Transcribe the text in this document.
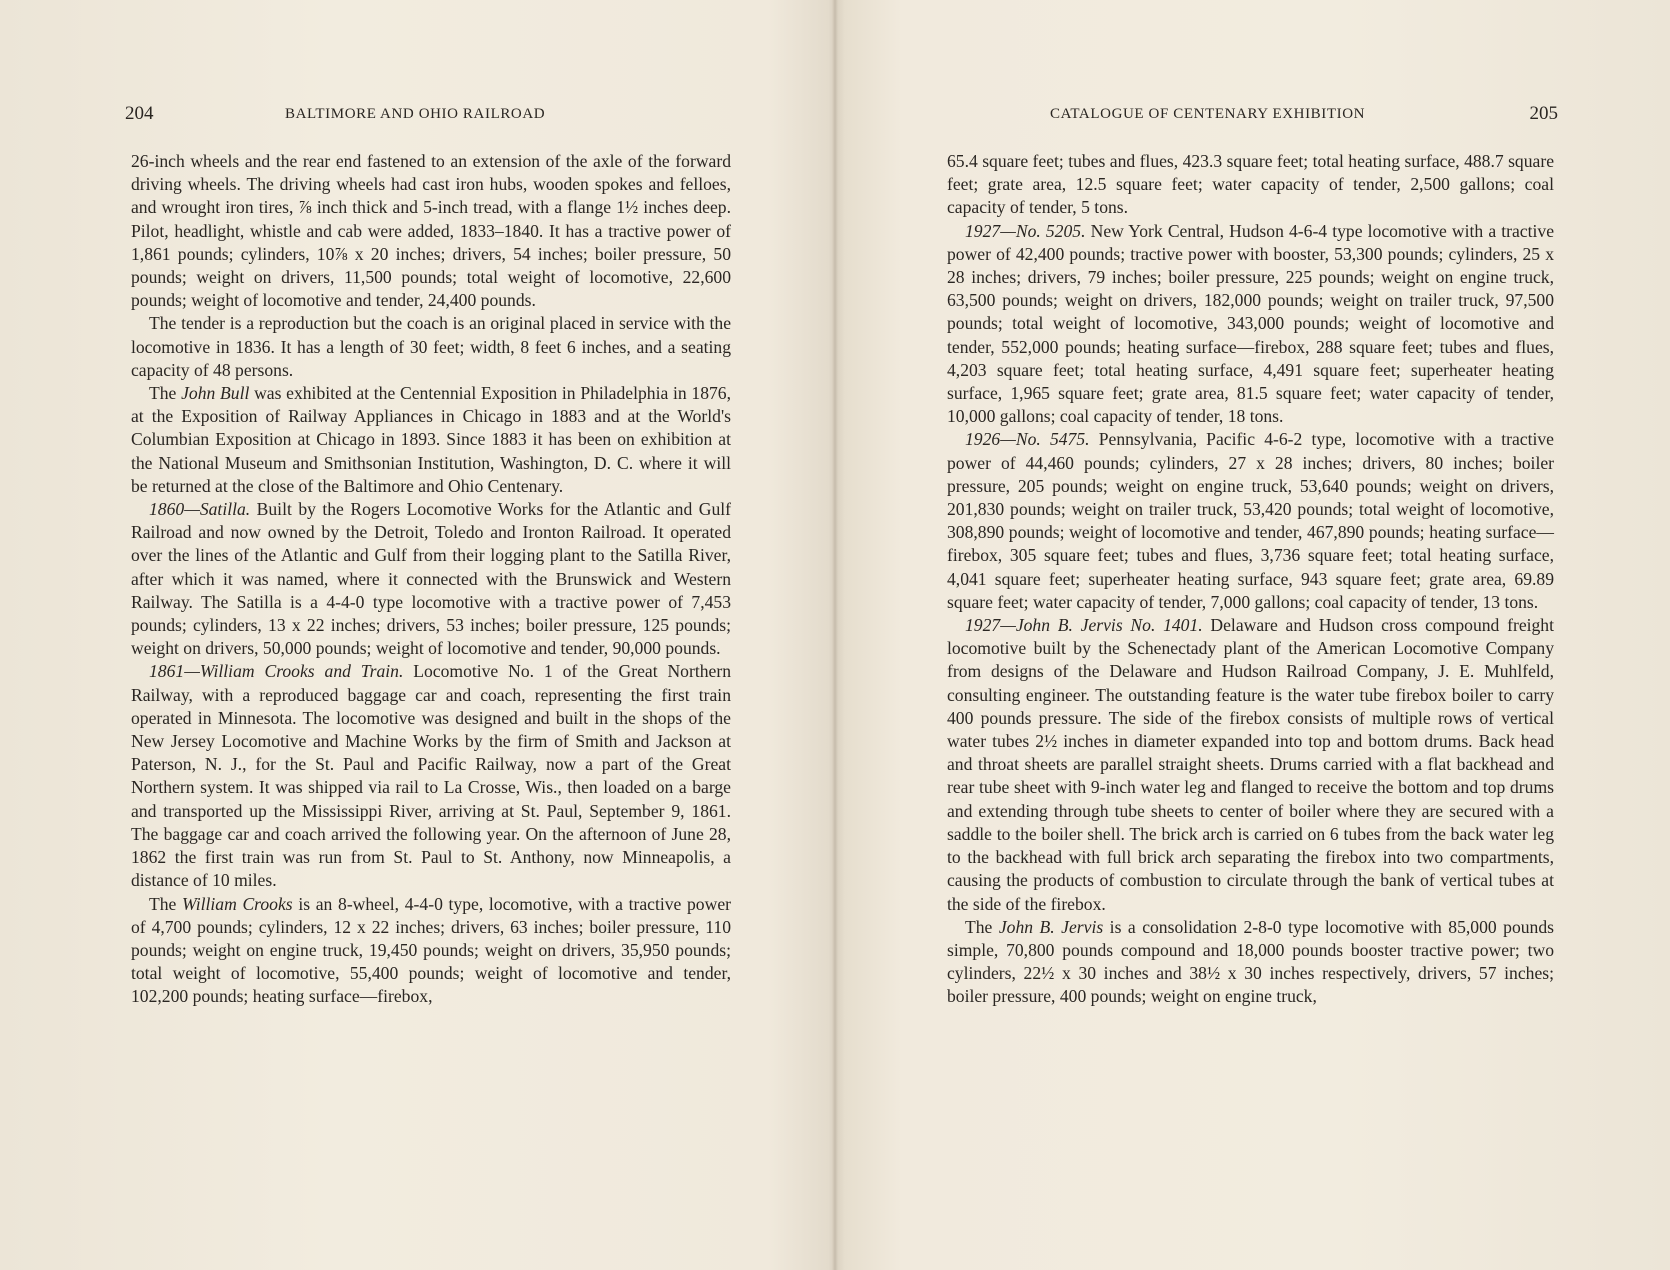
204	BALTIMORE AND OHIO RAILROAD

26-inch wheels and the rear end fastened to an extension of the axle of the forward driving wheels. The driving wheels had cast iron hubs, wooden spokes and felloes, and wrought iron tires, ⅞ inch thick and 5-inch tread, with a flange 1½ inches deep. Pilot, headlight, whistle and cab were added, 1833–1840. It has a tractive power of 1,861 pounds; cylinders, 10⅞ x 20 inches; drivers, 54 inches; boiler pressure, 50 pounds; weight on drivers, 11,500 pounds; total weight of locomotive, 22,600 pounds; weight of locomotive and tender, 24,400 pounds.

The tender is a reproduction but the coach is an original placed in service with the locomotive in 1836. It has a length of 30 feet; width, 8 feet 6 inches, and a seating capacity of 48 persons.

The John Bull was exhibited at the Centennial Exposition in Philadelphia in 1876, at the Exposition of Railway Appliances in Chicago in 1883 and at the World's Columbian Exposition at Chicago in 1893. Since 1883 it has been on exhibition at the National Museum and Smithsonian Institution, Washington, D. C. where it will be returned at the close of the Baltimore and Ohio Centenary.

1860—Satilla. Built by the Rogers Locomotive Works for the Atlantic and Gulf Railroad and now owned by the Detroit, Toledo and Ironton Railroad. It operated over the lines of the Atlantic and Gulf from their logging plant to the Satilla River, after which it was named, where it connected with the Brunswick and Western Railway. The Satilla is a 4-4-0 type locomotive with a tractive power of 7,453 pounds; cylinders, 13 x 22 inches; drivers, 53 inches; boiler pressure, 125 pounds; weight on drivers, 50,000 pounds; weight of locomotive and tender, 90,000 pounds.

1861—William Crooks and Train. Locomotive No. 1 of the Great Northern Railway, with a reproduced baggage car and coach, representing the first train operated in Minnesota. The locomotive was designed and built in the shops of the New Jersey Locomotive and Machine Works by the firm of Smith and Jackson at Paterson, N. J., for the St. Paul and Pacific Railway, now a part of the Great Northern system. It was shipped via rail to La Crosse, Wis., then loaded on a barge and transported up the Mississippi River, arriving at St. Paul, September 9, 1861. The baggage car and coach arrived the following year. On the afternoon of June 28, 1862 the first train was run from St. Paul to St. Anthony, now Minneapolis, a distance of 10 miles.

The William Crooks is an 8-wheel, 4-4-0 type, locomotive, with a tractive power of 4,700 pounds; cylinders, 12 x 22 inches; drivers, 63 inches; boiler pressure, 110 pounds; weight on engine truck, 19,450 pounds; weight on drivers, 35,950 pounds; total weight of locomotive, 55,400 pounds; weight of locomotive and tender, 102,200 pounds; heating surface—firebox,

CATALOGUE OF CENTENARY EXHIBITION	205

65.4 square feet; tubes and flues, 423.3 square feet; total heating surface, 488.7 square feet; grate area, 12.5 square feet; water capacity of tender, 2,500 gallons; coal capacity of tender, 5 tons.

1927—No. 5205. New York Central, Hudson 4-6-4 type locomotive with a tractive power of 42,400 pounds; tractive power with booster, 53,300 pounds; cylinders, 25 x 28 inches; drivers, 79 inches; boiler pressure, 225 pounds; weight on engine truck, 63,500 pounds; weight on drivers, 182,000 pounds; weight on trailer truck, 97,500 pounds; total weight of locomotive, 343,000 pounds; weight of locomotive and tender, 552,000 pounds; heating surface—firebox, 288 square feet; tubes and flues, 4,203 square feet; total heating surface, 4,491 square feet; superheater heating surface, 1,965 square feet; grate area, 81.5 square feet; water capacity of tender, 10,000 gallons; coal capacity of tender, 18 tons.

1926—No. 5475. Pennsylvania, Pacific 4-6-2 type, locomotive with a tractive power of 44,460 pounds; cylinders, 27 x 28 inches; drivers, 80 inches; boiler pressure, 205 pounds; weight on engine truck, 53,640 pounds; weight on drivers, 201,830 pounds; weight on trailer truck, 53,420 pounds; total weight of locomotive, 308,890 pounds; weight of locomotive and tender, 467,890 pounds; heating surface—firebox, 305 square feet; tubes and flues, 3,736 square feet; total heating surface, 4,041 square feet; superheater heating surface, 943 square feet; grate area, 69.89 square feet; water capacity of tender, 7,000 gallons; coal capacity of tender, 13 tons.

1927—John B. Jervis No. 1401. Delaware and Hudson cross compound freight locomotive built by the Schenectady plant of the American Locomotive Company from designs of the Delaware and Hudson Railroad Company, J. E. Muhlfeld, consulting engineer. The outstanding feature is the water tube firebox boiler to carry 400 pounds pressure. The side of the firebox consists of multiple rows of vertical water tubes 2½ inches in diameter expanded into top and bottom drums. Back head and throat sheets are parallel straight sheets. Drums carried with a flat backhead and rear tube sheet with 9-inch water leg and flanged to receive the bottom and top drums and extending through tube sheets to center of boiler where they are secured with a saddle to the boiler shell. The brick arch is carried on 6 tubes from the back water leg to the backhead with full brick arch separating the firebox into two compartments, causing the products of combustion to circulate through the bank of vertical tubes at the side of the firebox.

The John B. Jervis is a consolidation 2-8-0 type locomotive with 85,000 pounds simple, 70,800 pounds compound and 18,000 pounds booster tractive power; two cylinders, 22½ x 30 inches and 38½ x 30 inches respectively, drivers, 57 inches; boiler pressure, 400 pounds; weight on engine truck,
